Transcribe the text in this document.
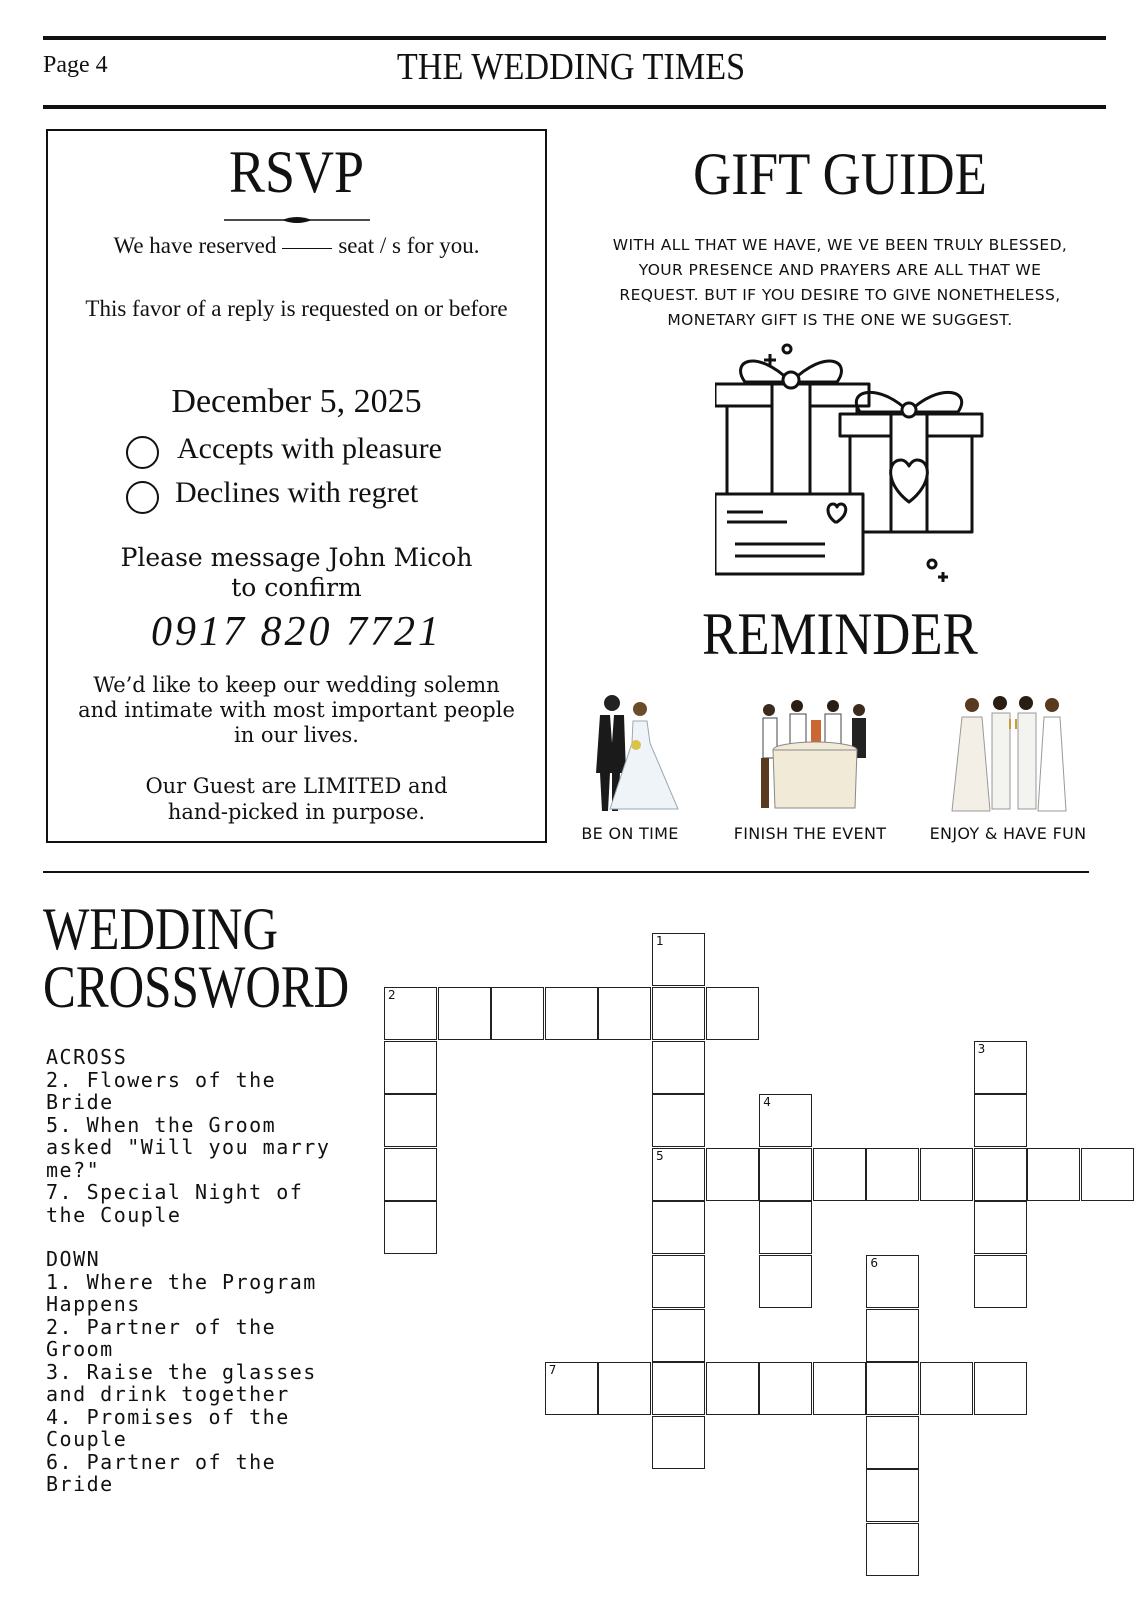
Page 4	THE WEDDING TIMES
RSVP
We have reserved	seat / s for you.
This favor of a reply is requested on or before
December 5, 2025
Accepts with pleasure
Declines with regret
Please message John Micoh
to confirm
0917 820 7721
We’d like to keep our wedding solemn
and intimate with most important people
in our lives.
Our Guest are LIMITED and
hand-picked in purpose.
GIFT GUIDE
WITH ALL THAT WE HAVE, WE VE BEEN TRULY BLESSED,
YOUR PRESENCE AND PRAYERS ARE ALL THAT WE
REQUEST. BUT IF YOU DESIRE TO GIVE NONETHELESS,
MONETARY GIFT IS THE ONE WE SUGGEST.
REMINDER
BE ON TIME	FINISH THE EVENT	ENJOY & HAVE FUN
WEDDING
CROSSWORD
ACROSS
2. Flowers of the Bride
5. When the Groom asked "Will you marry me?"
7. Special Night of the Couple
DOWN
1. Where the Program Happens
2. Partner of the Groom
3. Raise the glasses and drink together
4. Promises of the Couple
6. Partner of the Bride
1
5
2
3
4
6
7
